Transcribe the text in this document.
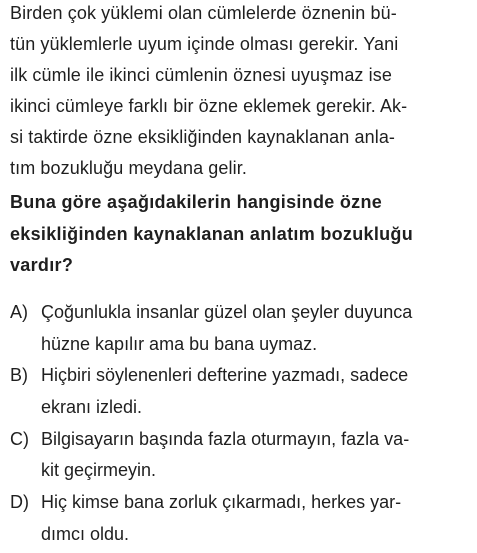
Birden çok yüklemi olan cümlelerde öznenin bü-
tün yüklemlerle uyum içinde olması gerekir. Yani
ilk cümle ile ikinci cümlenin öznesi uyuşmaz ise
ikinci cümleye farklı bir özne eklemek gerekir. Ak-
si taktirde özne eksikliğinden kaynaklanan anla-
tım bozukluğu meydana gelir.
Buna göre aşağıdakilerin hangisinde özne
eksikliğinden kaynaklanan anlatım bozukluğu
vardır?
A) Çoğunlukla insanlar güzel olan şeyler duyunca
hüzne kapılır ama bu bana uymaz.
B) Hiçbiri söylenenleri defterine yazmadı, sadece
ekranı izledi.
C) Bilgisayarın başında fazla oturmayın, fazla va-
kit geçirmeyin.
D) Hiç kimse bana zorluk çıkarmadı, herkes yar-
dımcı oldu.
